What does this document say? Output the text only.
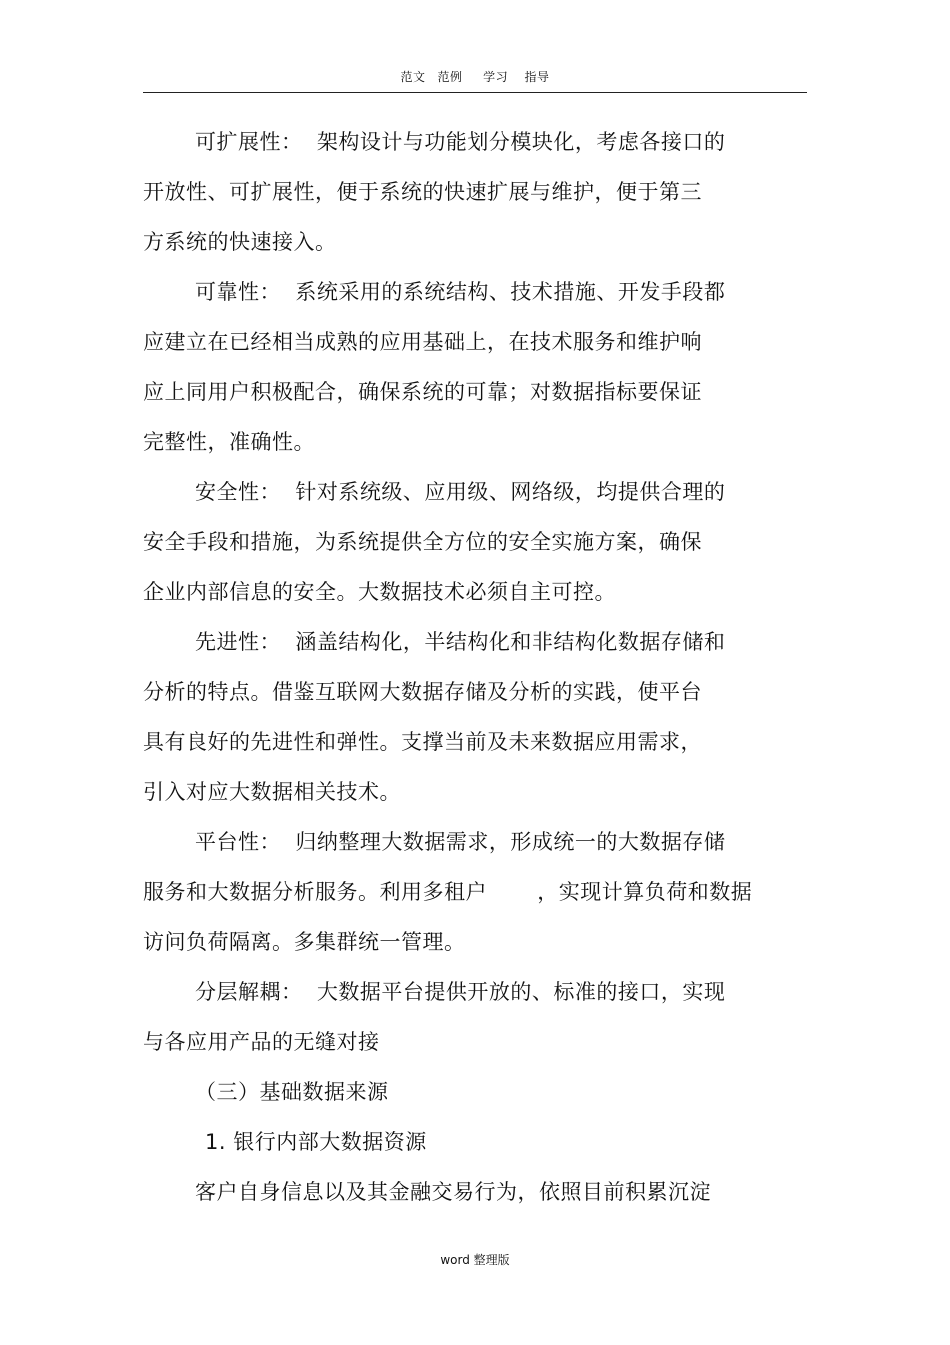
范文 范例 学习 指导
可扩展性：  架构设计与功能划分模块化，考虑各接口的
开放性、可扩展性，便于系统的快速扩展与维护，便于第三
方系统的快速接入。
可靠性：  系统采用的系统结构、技术措施、开发手段都
应建立在已经相当成熟的应用基础上，在技术服务和维护响
应上同用户积极配合，确保系统的可靠；对数据指标要保证
完整性，准确性。
安全性：  针对系统级、应用级、网络级，均提供合理的
安全手段和措施，为系统提供全方位的安全实施方案，确保
企业内部信息的安全。大数据技术必须自主可控。
先进性：  涵盖结构化，半结构化和非结构化数据存储和
分析的特点。借鉴互联网大数据存储及分析的实践，使平台
具有良好的先进性和弹性。支撑当前及未来数据应用需求，
引入对应大数据相关技术。
平台性：  归纳整理大数据需求，形成统一的大数据存储
服务和大数据分析服务。利用多租户       ，实现计算负荷和数据
访问负荷隔离。多集群统一管理。
分层解耦：  大数据平台提供开放的、标准的接口，实现
与各应用产品的无缝对接
（三）基础数据来源
1. 银行内部大数据资源
客户自身信息以及其金融交易行为，依照目前积累沉淀
word 整理版
